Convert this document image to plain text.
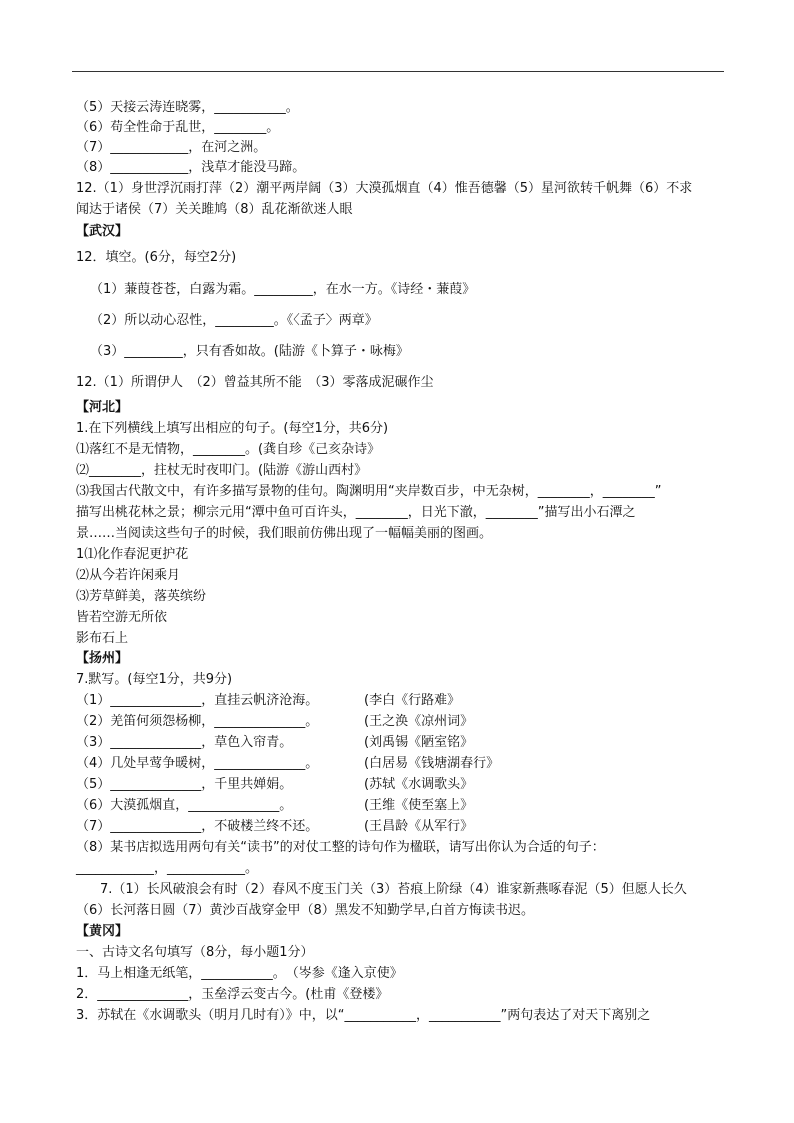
（5）天接云涛连晓雾，___________。
（6）苟全性命于乱世，________。
（7）____________，在河之洲。
（8）____________，浅草才能没马蹄。
12.（1）身世浮沉雨打萍（2）潮平两岸阔（3）大漠孤烟直（4）惟吾德馨（5）星河欲转千帆舞（6）不求
闻达于诸侯（7）关关雎鸠（8）乱花渐欲迷人眼
【武汉】
12．填空。(6分，每空2分)
（1）蒹葭苍苍，白露为霜。_________，在水一方。《诗经・蒹葭》
（2）所以动心忍性，_________。《〈孟子〉两章》
（3）_________，只有香如故。(陆游《卜算子・咏梅》
12.（1）所谓伊人　（2）曾益其所不能　（3）零落成泥碾作尘
【河北】
1.在下列横线上填写出相应的句子。(每空1分，共6分)
⑴落红不是无情物，________。(龚自珍《己亥杂诗》
⑵________，拄杖无时夜叩门。(陆游《游山西村》
⑶我国古代散文中，有许多描写景物的佳句。陶渊明用“夹岸数百步，中无杂树，________，________”
描写出桃花林之景；柳宗元用“潭中鱼可百许头，________，日光下澈，________”描写出小石潭之
景……当阅读这些句子的时候，我们眼前仿佛出现了一幅幅美丽的图画。
1⑴化作春泥更护花
⑵从今若许闲乘月
⑶芳草鲜美，落英缤纷
皆若空游无所依
影布石上
【扬州】
7.默写。(每空1分，共9分)
（1）______________，直挂云帆济沧海。	(李白《行路难》
（2）羌笛何须怨杨柳，______________。	(王之涣《凉州词》
（3）______________，草色入帘青。	(刘禹锡《陋室铭》
（4）几处早莺争暖树，______________。	(白居易《钱塘湖春行》
（5）______________，千里共婵娟。	(苏轼《水调歌头》
（6）大漠孤烟直，______________。	(王维《使至塞上》
（7）______________，不破楼兰终不还。	(王昌龄《从军行》
（8）某书店拟选用两句有关“读书”的对仗工整的诗句作为楹联，请写出你认为合适的句子：
____________，____________。
7.（1）长风破浪会有时（2）春风不度玉门关（3）苔痕上阶绿（4）谁家新燕啄春泥（5）但愿人长久
（6）长河落日圆（7）黄沙百战穿金甲（8）黑发不知勤学早,白首方悔读书迟。
【黄冈】
一、古诗文名句填写（8分，每小题1分）
1．马上相逢无纸笔，___________。　（岑参《逢入京使》
2．______________，玉垒浮云变古今。(杜甫《登楼》
3．苏轼在《水调歌头（明月几时有）》中，以“___________，___________”两句表达了对天下离别之
